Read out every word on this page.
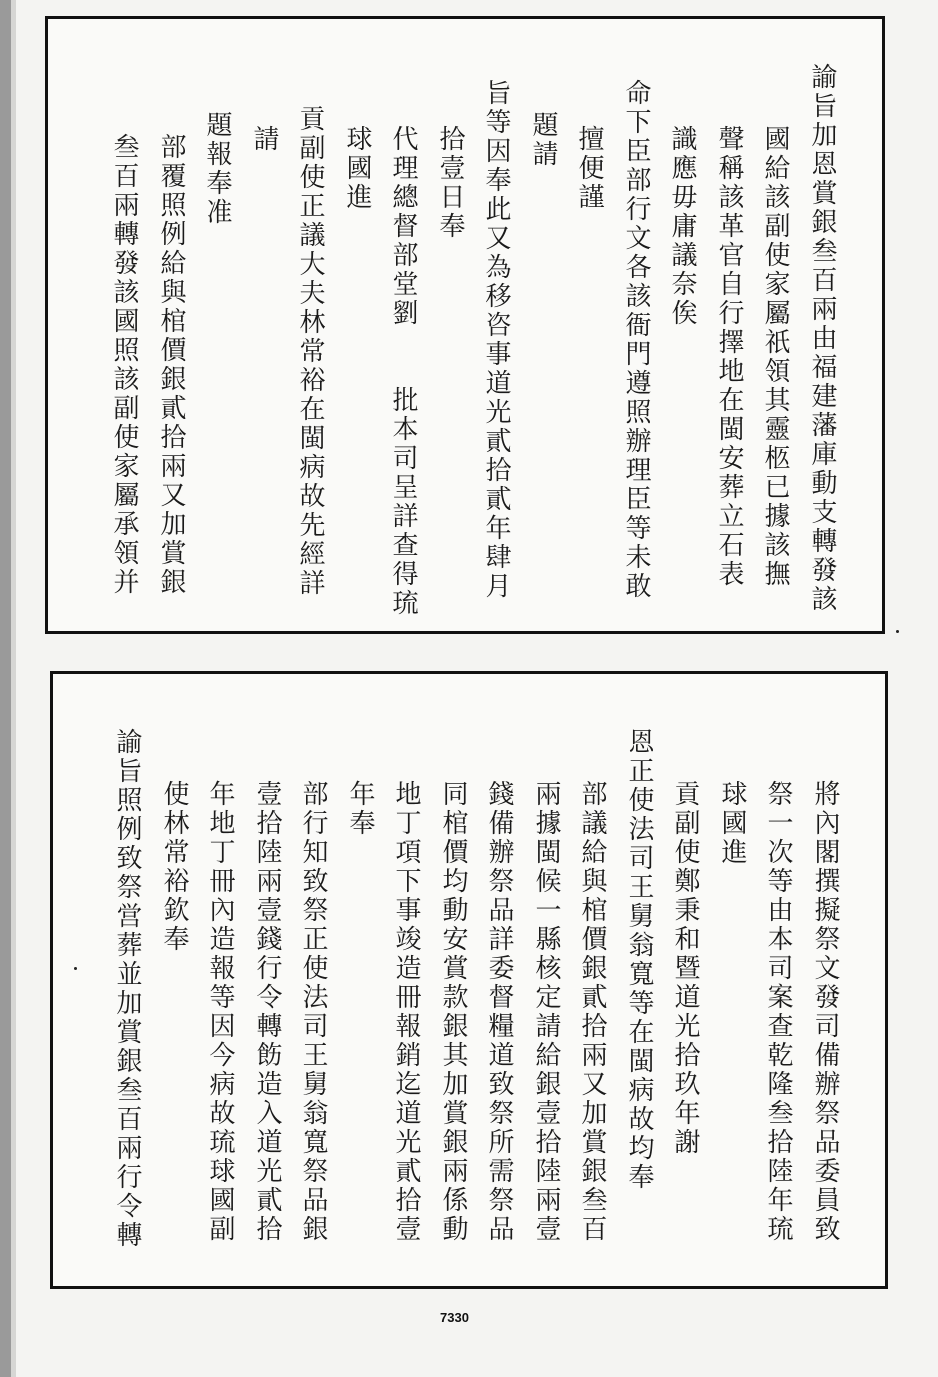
諭旨加恩賞銀叁百兩由福建藩庫動支轉發該
國給該副使家屬祇領其靈柩已據該撫
聲稱該革官自行擇地在閩安葬立石表
識應毋庸議奈俟
命下臣部行文各該衙門遵照辦理臣等未敢
擅便謹
題請
旨等因奉此又為移咨事道光貳拾貳年肆月
拾壹日奉
代理總督部堂劉　　批本司呈詳查得琉
球國進
貢副使正議大夫林常裕在閩病故先經詳
請
題報奉准
部覆照例給與棺價銀貳拾兩又加賞銀
叁百兩轉發該國照該副使家屬承領并
將內閣撰擬祭文發司備辦祭品委員致
祭一次等由本司案查乾隆叁拾陸年琉
球國進
貢副使鄭秉和暨道光拾玖年謝
恩正使法司王舅翁寬等在閩病故均奉
部議給與棺價銀貳拾兩又加賞銀叁百
兩據閩候一縣核定請給銀壹拾陸兩壹
錢備辦祭品詳委督糧道致祭所需祭品
同棺價均動安賞款銀其加賞銀兩係動
地丁項下事竣造冊報銷迄道光貳拾壹
年奉
部行知致祭正使法司王舅翁寬祭品銀
壹拾陸兩壹錢行令轉飭造入道光貳拾
年地丁冊內造報等因今病故琉球國副
使林常裕欽奉
諭旨照例致祭営葬並加賞銀叁百兩行令轉
7330
